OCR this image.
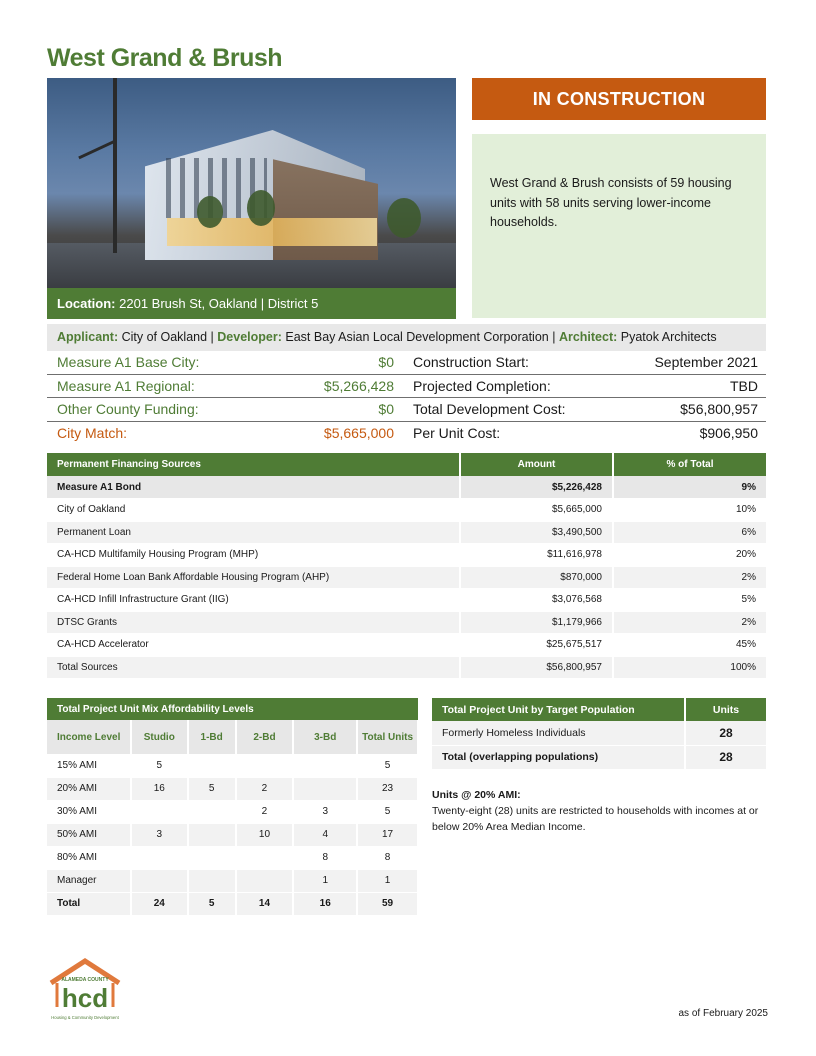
West Grand & Brush
Location: 2201 Brush St, Oakland | District 5
IN CONSTRUCTION
West Grand & Brush consists of 59 housing units with 58 units serving lower-income households.
Applicant: City of Oakland | Developer: East Bay Asian Local Development Corporation | Architect: Pyatok Architects
Measure A1 Base City:	$0 Construction Start:	September 2021
Measure A1 Regional:	$5,266,428 Projected Completion:	TBD
Other County Funding:	$0 Total Development Cost:	$56,800,957
City Match:	$5,665,000 Per Unit Cost:	$906,950
Permanent Financing Sources	Amount	% of Total
Measure A1 Bond	$5,226,428	9%
City of Oakland	$5,665,000	10%
Permanent Loan	$3,490,500	6%
CA-HCD Multifamily Housing Program (MHP)	$11,616,978	20%
Federal Home Loan Bank Affordable Housing Program (AHP)	$870,000	2%
CA-HCD Infill Infrastructure Grant (IIG)	$3,076,568	5%
DTSC Grants	$1,179,966	2%
CA-HCD Accelerator	$25,675,517	45%
Total Sources	$56,800,957	100%
Total Project Unit Mix Affordability Levels					
Income Level	Studio	1-Bd	2-Bd	3-Bd	Total Units
15% AMI	5				5
20% AMI	16	5	2		23
30% AMI			2	3	5
50% AMI	3		10	4	17
80% AMI				8	8
Manager				1	1
Total	24	5	14	16	59
Total Project Unit by Target Population	Units
Formerly Homeless Individuals	28
Total (overlapping populations)	28
Units @ 20% AMI:
Twenty-eight (28) units are restricted to households with incomes at or below 20% Area Median Income.
ALAMEDA COUNTY
hcd
Housing & Community Development	as of February 2025
